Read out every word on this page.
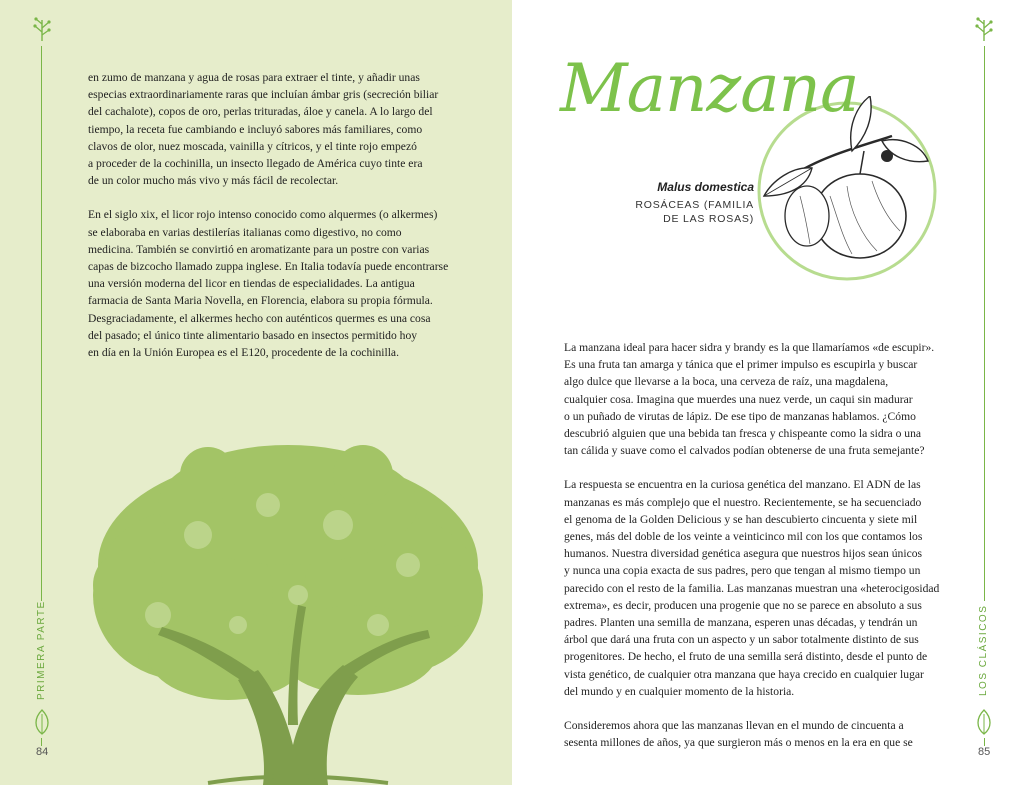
PRIMERA PARTE
84

en zumo de manzana y agua de rosas para extraer el tinte, y añadir unas
especias extraordinariamente raras que incluían ámbar gris (secreción biliar
del cachalote), copos de oro, perlas trituradas, áloe y canela. A lo largo del
tiempo, la receta fue cambiando e incluyó sabores más familiares, como
clavos de olor, nuez moscada, vainilla y cítricos, y el tinte rojo empezó
a proceder de la cochinilla, un insecto llegado de América cuyo tinte era
de un color mucho más vivo y más fácil de recolectar.

En el siglo xix, el licor rojo intenso conocido como alquermes (o alkermes)
se elaboraba en varias destilerías italianas como digestivo, no como
medicina. También se convirtió en aromatizante para un postre con varias
capas de bizcocho llamado zuppa inglese. En Italia todavía puede encontrarse
una versión moderna del licor en tiendas de especialidades. La antigua
farmacia de Santa Maria Novella, en Florencia, elabora su propia fórmula.
Desgraciadamente, el alkermes hecho con auténticos quermes es una cosa
del pasado; el único tinte alimentario basado en insectos permitido hoy
en día en la Unión Europea es el E120, procedente de la cochinilla.

LOS CLÁSICOS
85
Manzana
Malus domestica
ROSÁCEAS (FAMILIA
DE LAS ROSAS)

La manzana ideal para hacer sidra y brandy es la que llamaríamos «de escupir».
Es una fruta tan amarga y tánica que el primer impulso es escupirla y buscar
algo dulce que llevarse a la boca, una cerveza de raíz, una magdalena,
cualquier cosa. Imagina que muerdes una nuez verde, un caqui sin madurar
o un puñado de virutas de lápiz. De ese tipo de manzanas hablamos. ¿Cómo
descubrió alguien que una bebida tan fresca y chispeante como la sidra o una
tan cálida y suave como el calvados podían obtenerse de una fruta semejante?

La respuesta se encuentra en la curiosa genética del manzano. El ADN de las
manzanas es más complejo que el nuestro. Recientemente, se ha secuenciado
el genoma de la Golden Delicious y se han descubierto cincuenta y siete mil
genes, más del doble de los veinte a veinticinco mil con los que contamos los
humanos. Nuestra diversidad genética asegura que nuestros hijos sean únicos
y nunca una copia exacta de sus padres, pero que tengan al mismo tiempo un
parecido con el resto de la familia. Las manzanas muestran una «heterocigosidad
extrema», es decir, producen una progenie que no se parece en absoluto a sus
padres. Planten una semilla de manzana, esperen unas décadas, y tendrán un
árbol que dará una fruta con un aspecto y un sabor totalmente distinto de sus
progenitores. De hecho, el fruto de una semilla será distinto, desde el punto de
vista genético, de cualquier otra manzana que haya crecido en cualquier lugar
del mundo y en cualquier momento de la historia.

Consideremos ahora que las manzanas llevan en el mundo de cincuenta a
sesenta millones de años, ya que surgieron más o menos en la era en que se
